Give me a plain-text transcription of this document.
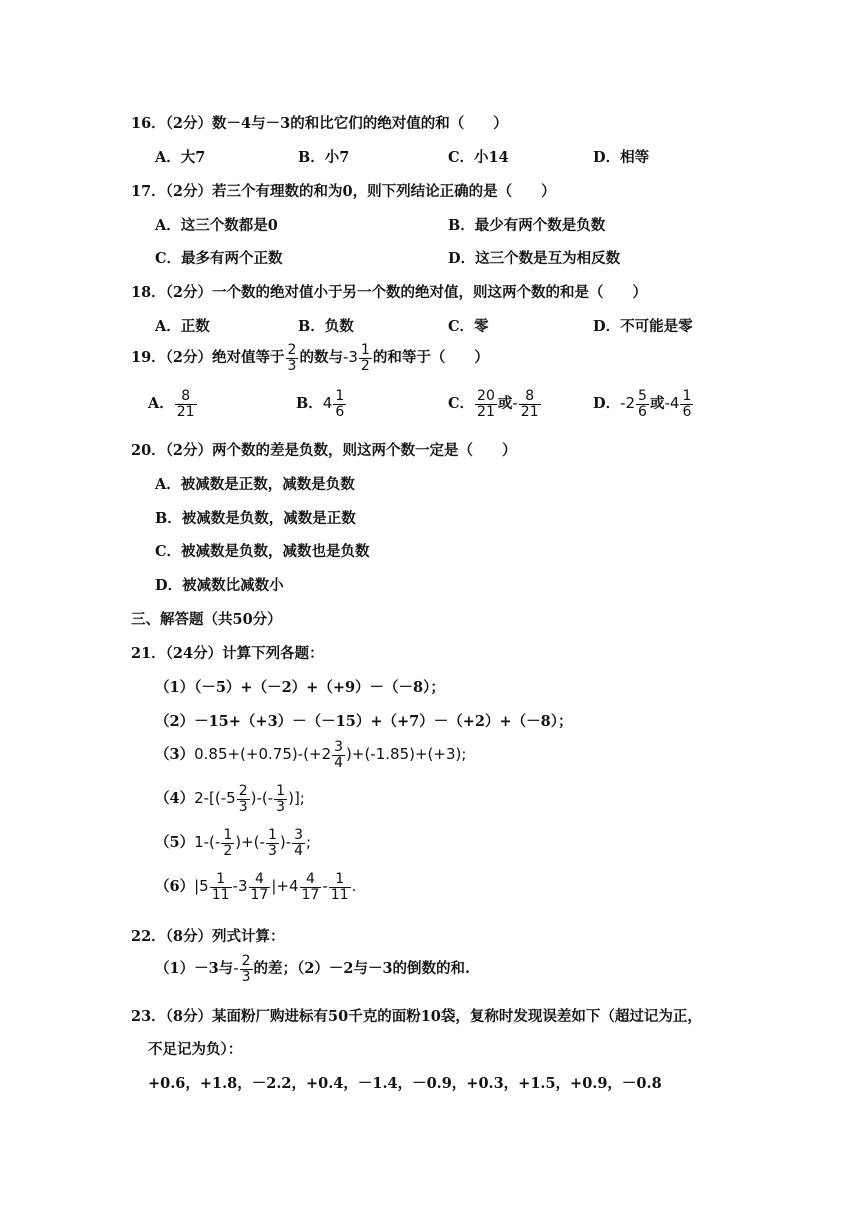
16．（2分）数－4与－3的和比它们的绝对值的和（　　）
A．大7	B．小7	C．小14	D．相等
17．（2分）若三个有理数的和为0，则下列结论正确的是（　　）
A．这三个数都是0	B．最少有两个数是负数
C．最多有两个正数	D．这三个数是互为相反数
18．（2分）一个数的绝对值小于另一个数的绝对值，则这两个数的和是（　　）
A．正数	B．负数	C．零	D．不可能是零
19．（2分）绝对值等于 $\frac{2}{3}$ 的数与$-3 \frac{1}{2}$ 的和等于（　　）
A． $\frac{8}{21}$	B．$4 \frac{1}{6}$	C． $\frac{20}{21}$ 或- $\frac{8}{21}$	D．$-2 \frac{5}{6}$ 或$-4 \frac{1}{6}$
20．（2分）两个数的差是负数，则这两个数一定是（　　）
A．被减数是正数，减数是负数
B．被减数是负数，减数是正数
C．被减数是负数，减数也是负数
D．被减数比减数小
三、解答题（共50分）
21．（24分）计算下列各题：
（1）（－5）+（－2）+（+9）－（－8）；
（2）－15+（+3）－（－15）+（+7）－（+2）+（－8）；
$(3)0.85+(+0.75)-(+2 \frac{3}{4} )+(-1.85)+(+3)$;
$(4)2-[(-5 \frac{2}{3}$ )-(- $\frac{1}{3}$ )];
$(5)1-(- \frac{1}{2}$ )+(- $\frac{1}{3}$ )- $\frac{3}{4}$ ;
$(6)|5 \frac{1}{11} -3 \frac{4}{17} |+4 \frac{4}{17} - \frac{1}{11}$ .
22．（8分）列式计算：
（1）－3与- $\frac{2}{3}$ 的差；（2）－2与－3的倒数的和.
23．（8分）某面粉厂购进标有50千克的面粉10袋，复称时发现误差如下（超过记为正，
不足记为负）：
+0.6，+1.8，－2.2，+0.4，－1.4，－0.9，+0.3，+1.5，+0.9，－0.8
